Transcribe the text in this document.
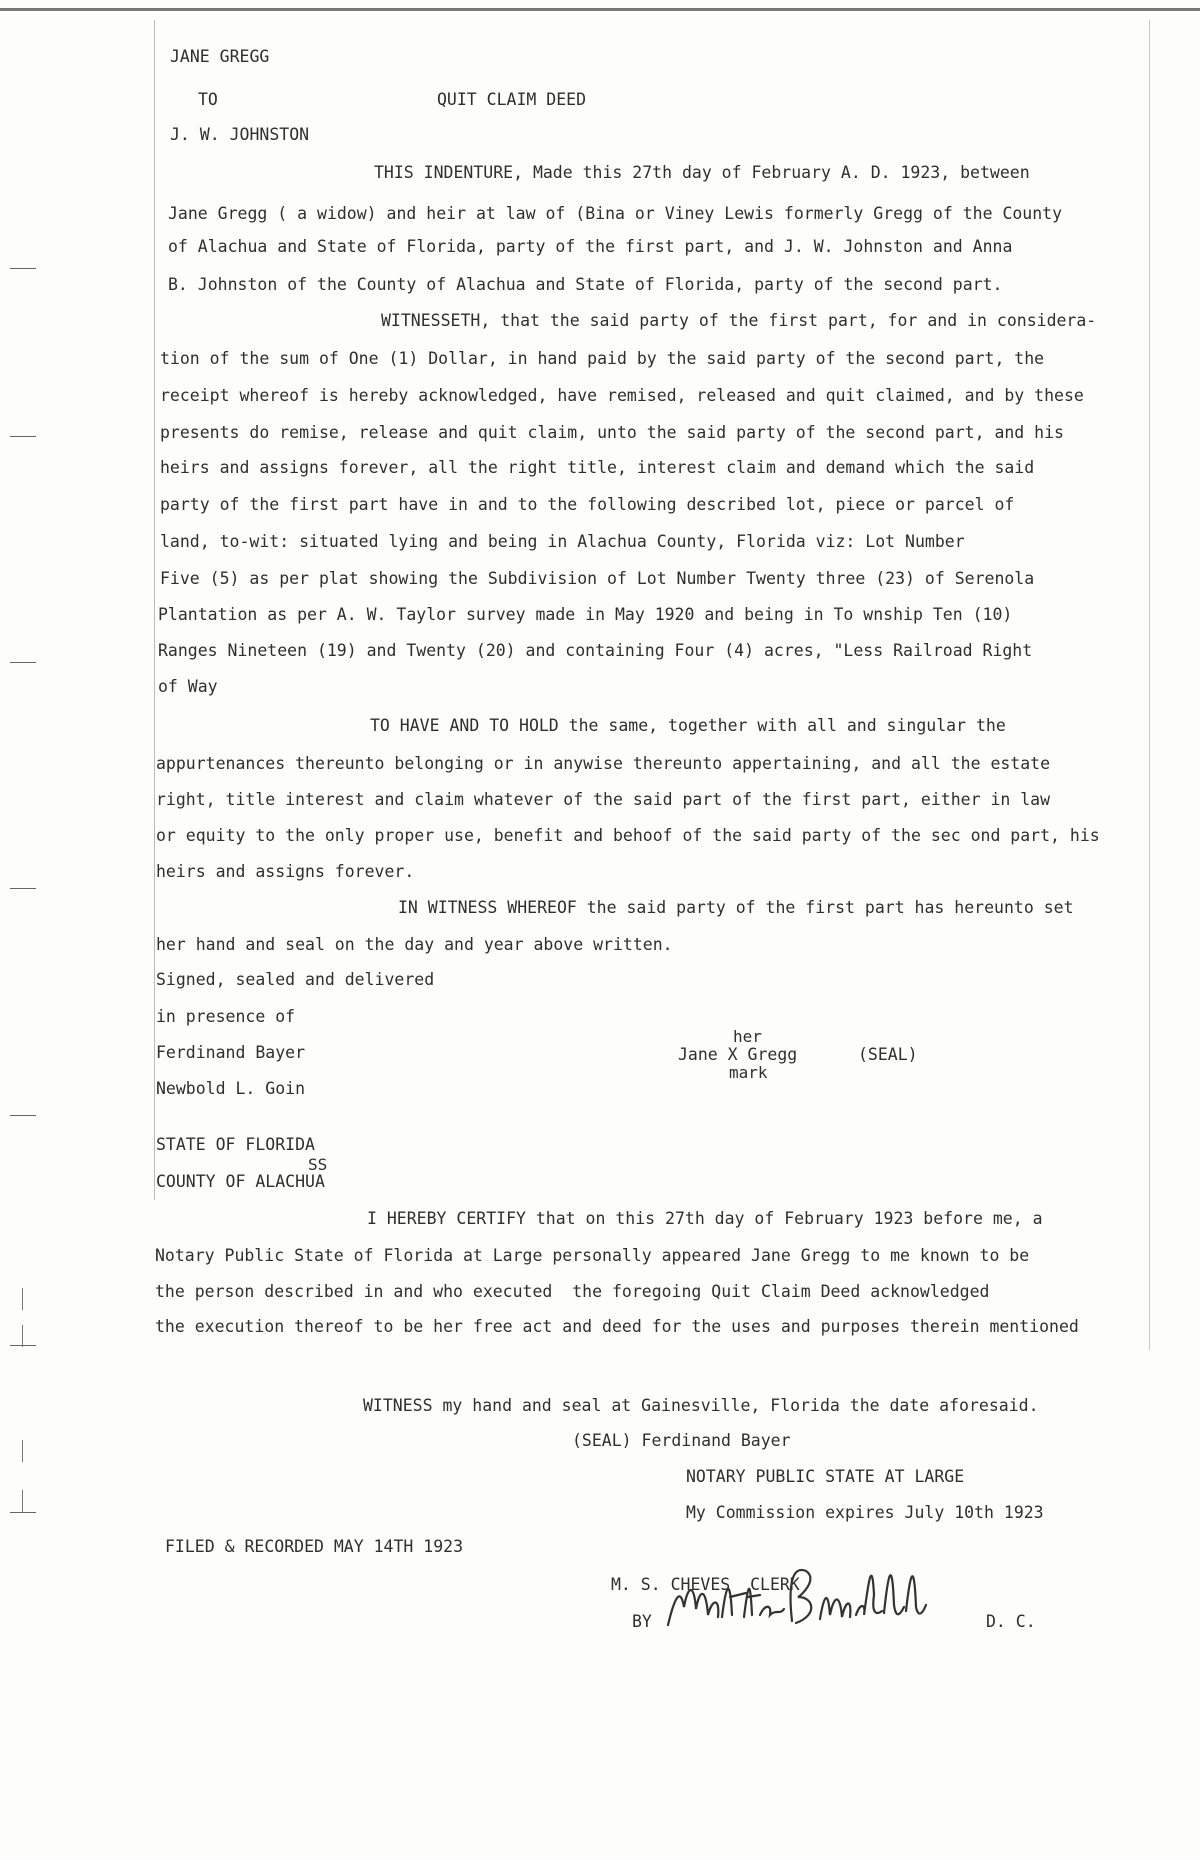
JANE GREGG
TO	QUIT CLAIM DEED
J. W. JOHNSTON
THIS INDENTURE, Made this 27th day of February A. D. 1923, between
Jane Gregg ( a widow) and heir at law of (Bina or Viney Lewis formerly Gregg of the County
of Alachua and State of Florida, party of the first part, and J. W. Johnston and Anna
B. Johnston of the County of Alachua and State of Florida, party of the second part.
WITNESSETH, that the said party of the first part, for and in considera-
tion of the sum of One (1) Dollar, in hand paid by the said party of the second part, the
receipt whereof is hereby acknowledged, have remised, released and quit claimed, and by these
presents do remise, release and quit claim, unto the said party of the second part, and his
heirs and assigns forever, all the right title, interest claim and demand which the said
party of the first part have in and to the following described lot, piece or parcel of
land, to-wit: situated lying and being in Alachua County, Florida viz: Lot Number
Five (5) as per plat showing the Subdivision of Lot Number Twenty three (23) of Serenola
Plantation as per A. W. Taylor survey made in May 1920 and being in To wnship Ten (10)
Ranges Nineteen (19) and Twenty (20) and containing Four (4) acres, "Less Railroad Right
of Way
TO HAVE AND TO HOLD the same, together with all and singular the
appurtenances thereunto belonging or in anywise thereunto appertaining, and all the estate
right, title interest and claim whatever of the said part of the first part, either in law
or equity to the only proper use, benefit and behoof of the said party of the sec ond part, his
heirs and assigns forever.
IN WITNESS WHEREOF the said party of the first part has hereunto set
her hand and seal on the day and year above written.
Signed, sealed and delivered
in presence of
Ferdinand Bayer
Newbold L. Goin
her
Jane X Gregg
mark
(SEAL)
STATE OF FLORIDA
SS
COUNTY OF ALACHUA
I HEREBY CERTIFY that on this 27th day of February 1923 before me, a
Notary Public State of Florida at Large personally appeared Jane Gregg to me known to be
the person described in and who executed  the foregoing Quit Claim Deed acknowledged
the execution thereof to be her free act and deed for the uses and purposes therein mentioned
WITNESS my hand and seal at Gainesville, Florida the date aforesaid.
(SEAL) Ferdinand Bayer
NOTARY PUBLIC STATE AT LARGE
My Commission expires July 10th 1923
FILED & RECORDED MAY 14TH 1923
M. S. CHEVES  CLERK
BY	D. C.
